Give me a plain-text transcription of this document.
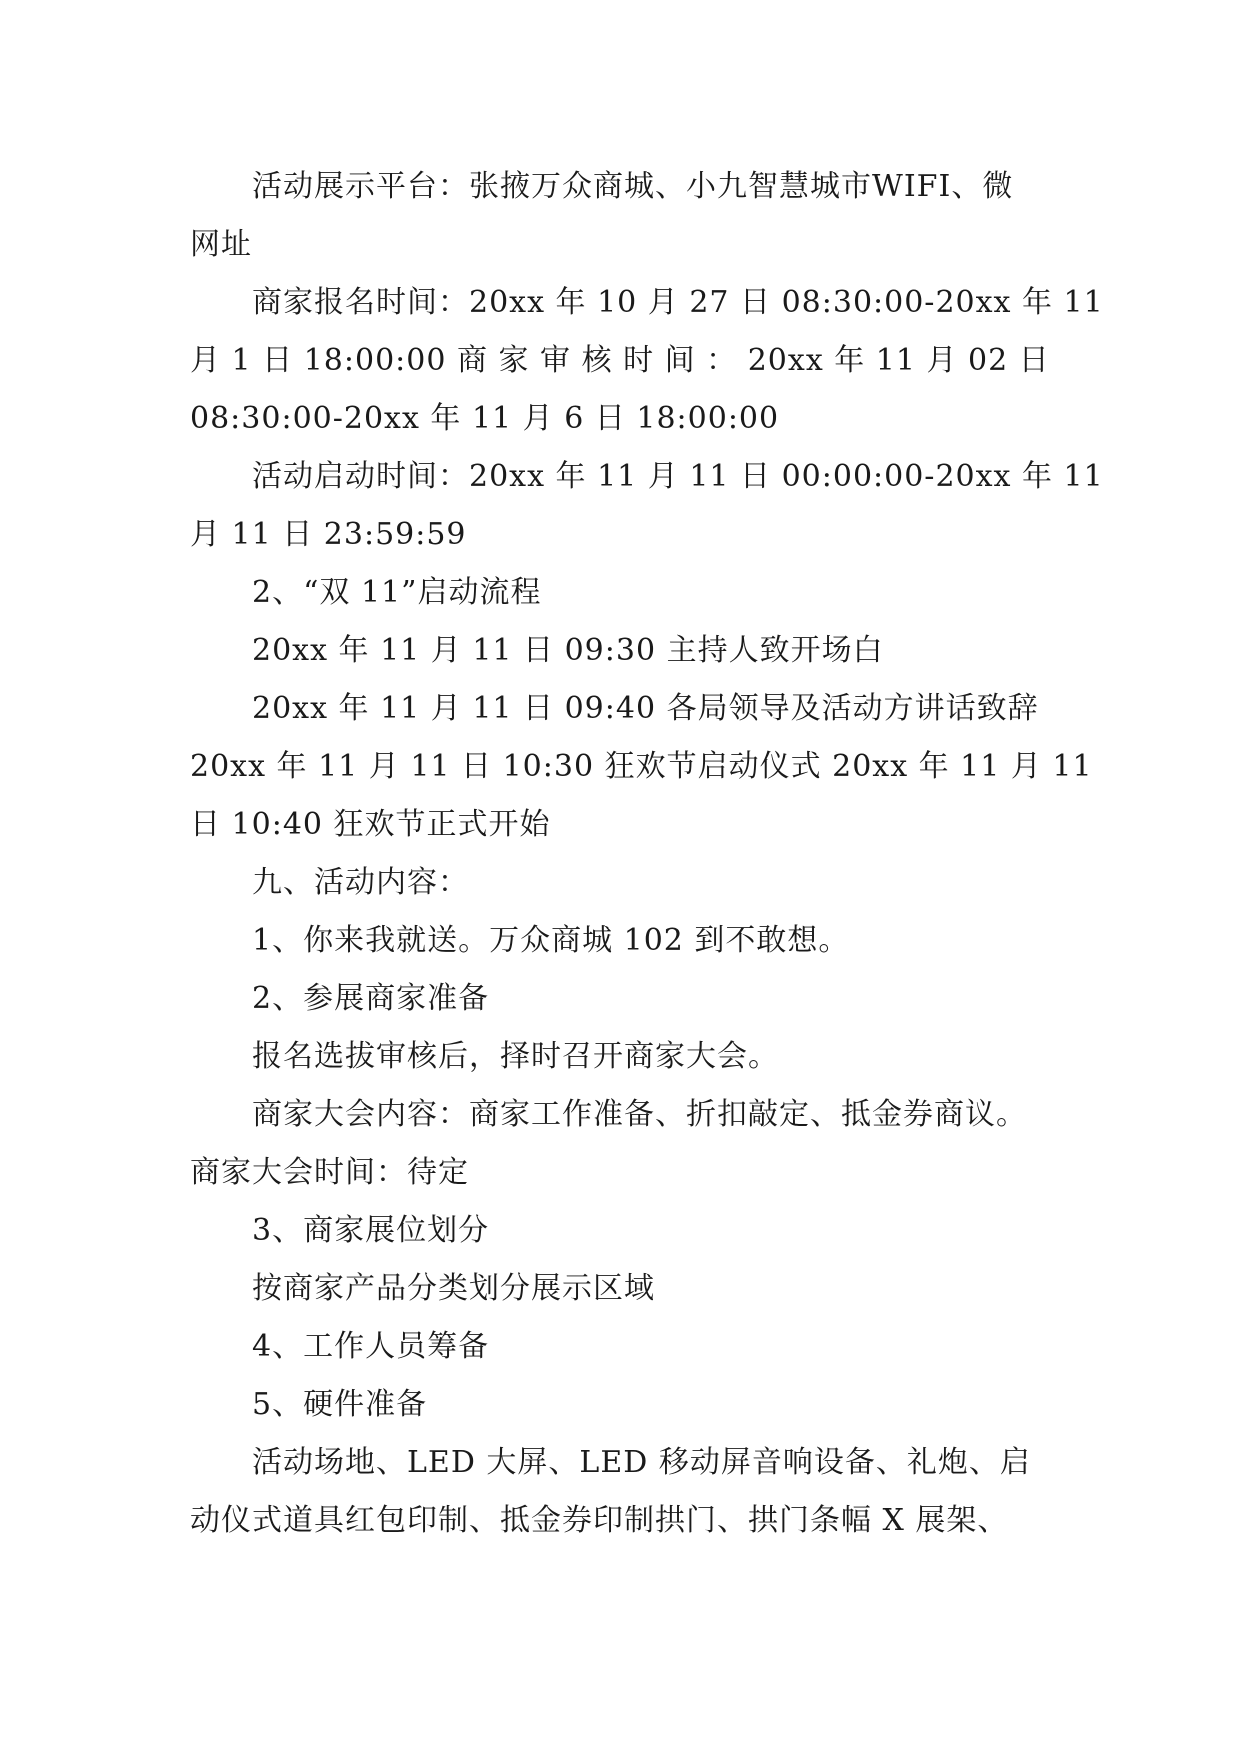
活动展示平台：张掖万众商城、小九智慧城市WIFI、微
网址
商家报名时间：20xx 年 10 月 27 日 08:30:00-20xx 年 11
月 1 日 18:00:00 商 家 审 核 时 间 ： 20xx 年 11 月 02 日
08:30:00-20xx 年 11 月 6 日 18:00:00
活动启动时间：20xx 年 11 月 11 日 00:00:00-20xx 年 11
月 11 日 23:59:59
2、“双 11”启动流程
20xx 年 11 月 11 日 09:30 主持人致开场白
20xx 年 11 月 11 日 09:40 各局领导及活动方讲话致辞
20xx 年 11 月 11 日 10:30 狂欢节启动仪式 20xx 年 11 月 11
日 10:40 狂欢节正式开始
九、活动内容：
1、你来我就送。万众商城 102 到不敢想。
2、参展商家准备
报名选拔审核后，择时召开商家大会。
商家大会内容：商家工作准备、折扣敲定、抵金券商议。
商家大会时间：待定
3、商家展位划分
按商家产品分类划分展示区域
4、工作人员筹备
5、硬件准备
活动场地、LED 大屏、LED 移动屏音响设备、礼炮、启
动仪式道具红包印制、抵金券印制拱门、拱门条幅 X 展架、
